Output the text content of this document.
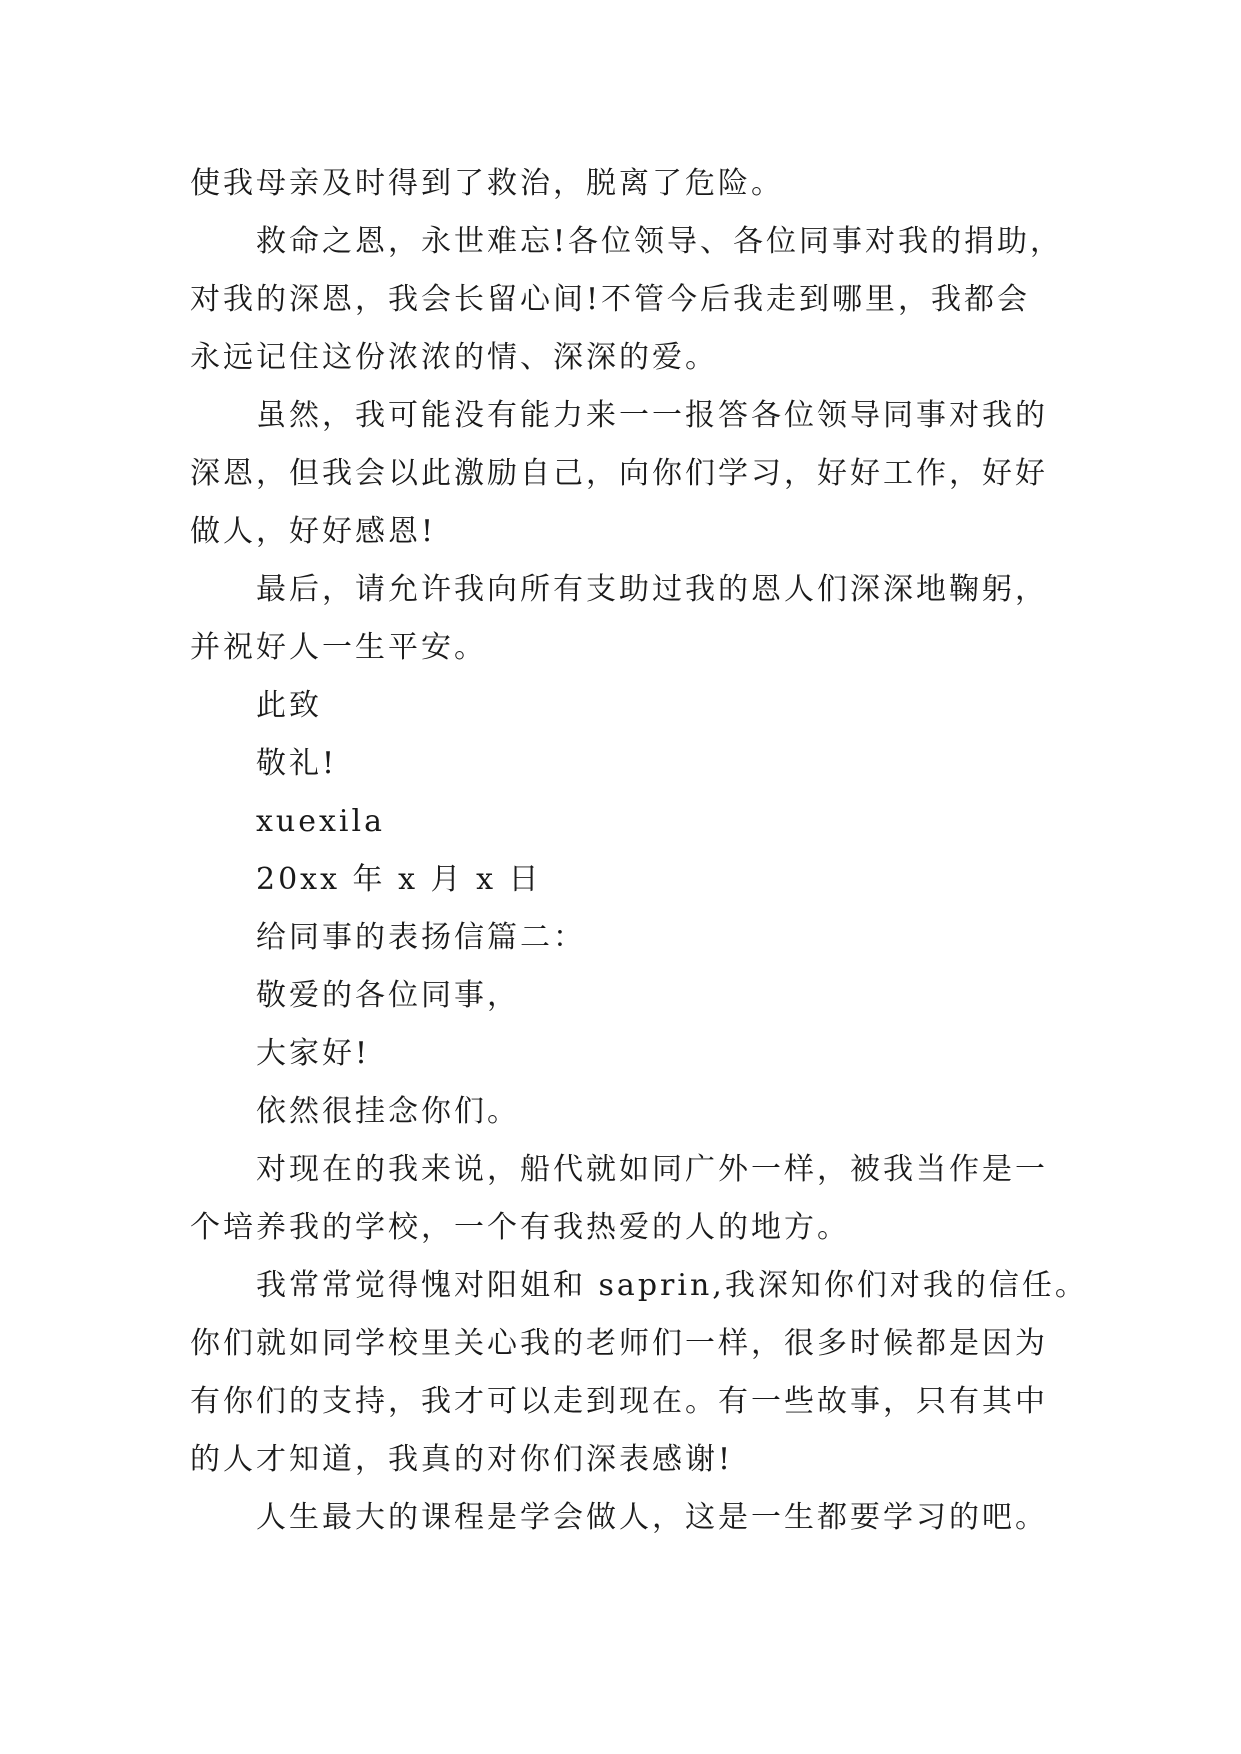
使我母亲及时得到了救治，脱离了危险。
救命之恩，永世难忘!各位领导、各位同事对我的捐助，
对我的深恩，我会长留心间!不管今后我走到哪里，我都会
永远记住这份浓浓的情、深深的爱。
虽然，我可能没有能力来一一报答各位领导同事对我的
深恩，但我会以此激励自己，向你们学习，好好工作，好好
做人，好好感恩!
最后，请允许我向所有支助过我的恩人们深深地鞠躬，
并祝好人一生平安。
此致
敬礼!
xuexila
20xx 年 x 月 x 日
给同事的表扬信篇二：
敬爱的各位同事，
大家好!
依然很挂念你们。
对现在的我来说，船代就如同广外一样，被我当作是一
个培养我的学校，一个有我热爱的人的地方。
我常常觉得愧对阳姐和 saprin,我深知你们对我的信任。
你们就如同学校里关心我的老师们一样，很多时候都是因为
有你们的支持，我才可以走到现在。有一些故事，只有其中
的人才知道，我真的对你们深表感谢!
人生最大的课程是学会做人，这是一生都要学习的吧。
